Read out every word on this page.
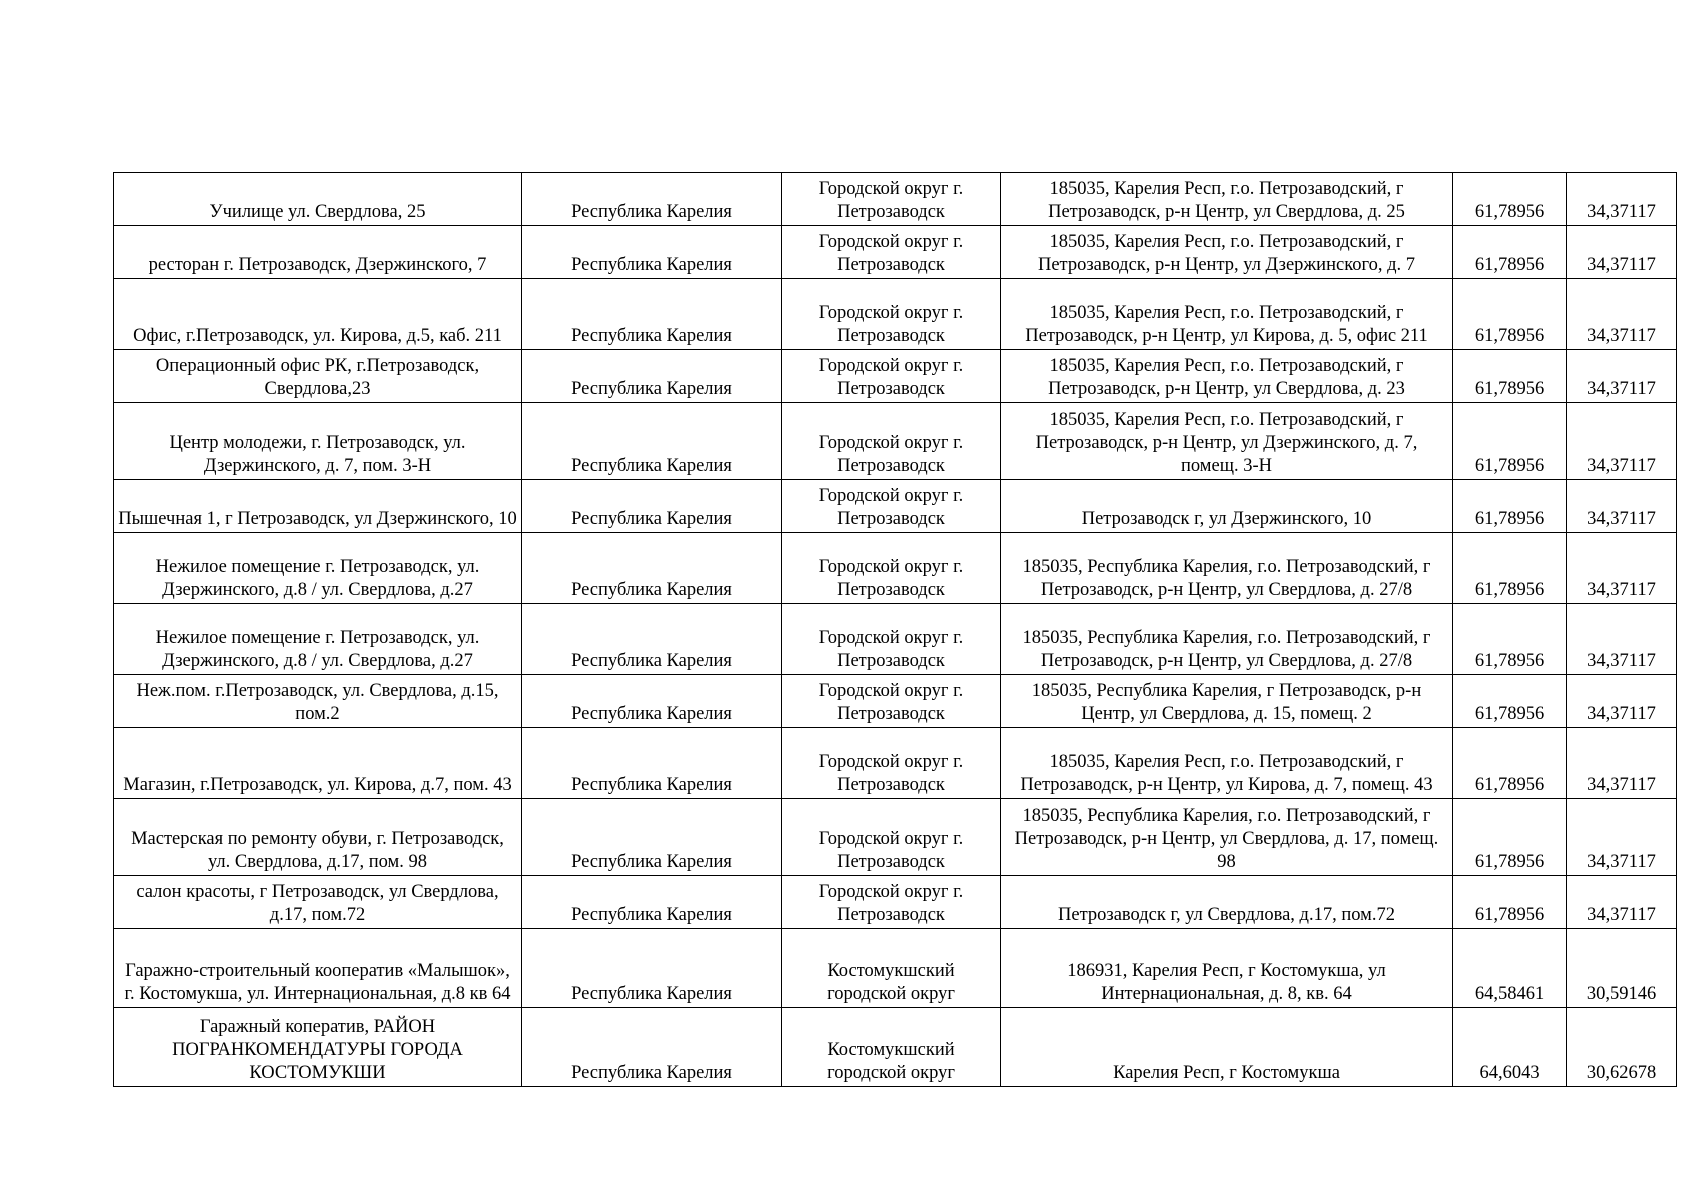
Училище ул. Свердлова, 25	Республика Карелия	Городской округ г. Петрозаводск	185035, Карелия Респ, г.о. Петрозаводский, г Петрозаводск, р-н Центр, ул Свердлова, д. 25	61,78956	34,37117
ресторан г. Петрозаводск, Дзержинского, 7	Республика Карелия	Городской округ г. Петрозаводск	185035, Карелия Респ, г.о. Петрозаводский, г Петрозаводск, р-н Центр, ул Дзержинского, д. 7	61,78956	34,37117
Офис, г.Петрозаводск, ул. Кирова, д.5, каб. 211	Республика Карелия	Городской округ г. Петрозаводск	185035, Карелия Респ, г.о. Петрозаводский, г Петрозаводск, р-н Центр, ул Кирова, д. 5, офис 211	61,78956	34,37117
Операционный офис РК, г.Петрозаводск, Свердлова,23	Республика Карелия	Городской округ г. Петрозаводск	185035, Карелия Респ, г.о. Петрозаводский, г Петрозаводск, р-н Центр, ул Свердлова, д. 23	61,78956	34,37117
Центр молодежи, г. Петрозаводск, ул. Дзержинского, д. 7, пом. 3-Н	Республика Карелия	Городской округ г. Петрозаводск	185035, Карелия Респ, г.о. Петрозаводский, г Петрозаводск, р-н Центр, ул Дзержинского, д. 7, помещ. 3-Н	61,78956	34,37117
Пышечная 1, г Петрозаводск, ул Дзержинского, 10	Республика Карелия	Городской округ г. Петрозаводск	Петрозаводск г, ул Дзержинского, 10	61,78956	34,37117
Нежилое помещение г. Петрозаводск, ул. Дзержинского, д.8 / ул. Свердлова, д.27	Республика Карелия	Городской округ г. Петрозаводск	185035, Республика Карелия, г.о. Петрозаводский, г Петрозаводск, р-н Центр, ул Свердлова, д. 27/8	61,78956	34,37117
Нежилое помещение г. Петрозаводск, ул. Дзержинского, д.8 / ул. Свердлова, д.27	Республика Карелия	Городской округ г. Петрозаводск	185035, Республика Карелия, г.о. Петрозаводский, г Петрозаводск, р-н Центр, ул Свердлова, д. 27/8	61,78956	34,37117
Неж.пом. г.Петрозаводск, ул. Свердлова, д.15, пом.2	Республика Карелия	Городской округ г. Петрозаводск	185035, Республика Карелия, г Петрозаводск, р-н Центр, ул Свердлова, д. 15, помещ. 2	61,78956	34,37117
Магазин, г.Петрозаводск, ул. Кирова, д.7, пом. 43	Республика Карелия	Городской округ г. Петрозаводск	185035, Карелия Респ, г.о. Петрозаводский, г Петрозаводск, р-н Центр, ул Кирова, д. 7, помещ. 43	61,78956	34,37117
Мастерская по ремонту обуви, г. Петрозаводск, ул. Свердлова, д.17, пом. 98	Республика Карелия	Городской округ г. Петрозаводск	185035, Республика Карелия, г.о. Петрозаводский, г Петрозаводск, р-н Центр, ул Свердлова, д. 17, помещ. 98	61,78956	34,37117
салон красоты, г Петрозаводск, ул Свердлова, д.17, пом.72	Республика Карелия	Городской округ г. Петрозаводск	Петрозаводск г, ул Свердлова, д.17, пом.72	61,78956	34,37117
Гаражно-строительный кооператив «Малышок», г. Костомукша, ул. Интернациональная, д.8 кв 64	Республика Карелия	Костомукшский городской округ	186931, Карелия Респ, г Костомукша, ул Интернациональная, д. 8, кв. 64	64,58461	30,59146
Гаражный коператив, РАЙОН ПОГРАНКОМЕНДАТУРЫ ГОРОДА КОСТОМУКШИ	Республика Карелия	Костомукшский городской округ	Карелия Респ, г Костомукша	64,6043	30,62678
